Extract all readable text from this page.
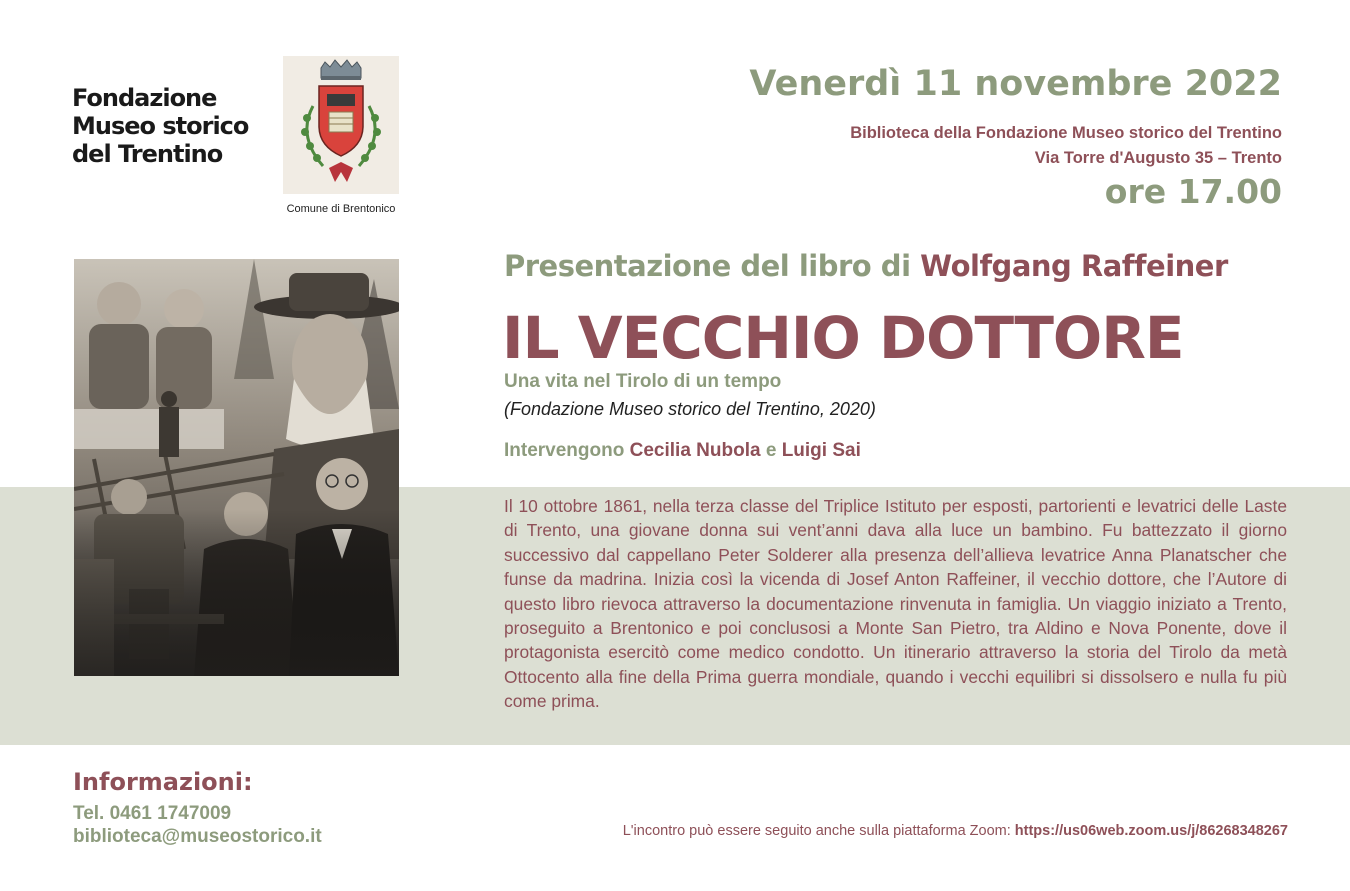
Fondazione
Museo storico
del Trentino
Comune di Brentonico
Venerdì 11 novembre 2022
Biblioteca della Fondazione Museo storico del Trentino
Via Torre d'Augusto 35 – Trento
ore 17.00
Presentazione del libro di Wolfgang Raffeiner
IL VECCHIO DOTTORE
Una vita nel Tirolo di un tempo
(Fondazione Museo storico del Trentino, 2020)
Intervengono Cecilia Nubola e Luigi Sai
Il 10 ottobre 1861, nella terza classe del Triplice Istituto per esposti, partorienti e levatrici delle Laste di Trento, una giovane donna sui vent’anni dava alla luce un bambino. Fu battezzato il giorno successivo dal cappellano Peter Solderer alla presenza dell’allieva levatrice Anna Planatscher che funse da madrina. Inizia così la vicenda di Josef Anton Raffeiner, il vecchio dottore, che l’Autore di questo libro rievoca attraverso la documentazione rinvenuta in famiglia. Un viaggio iniziato a Trento, proseguito a Brentonico e poi conclusosi a Monte San Pietro, tra Aldino e Nova Ponente, dove il protagonista esercitò come medico condotto. Un itinerario attraverso la storia del Tirolo da metà Ottocento alla fine della Prima guerra mondiale, quando i vecchi equilibri si dissolsero e nulla fu più come prima.
Informazioni:
Tel. 0461 1747009
biblioteca@museostorico.it	L'incontro può essere seguito anche sulla piattaforma Zoom: https://us06web.zoom.us/j/86268348267
